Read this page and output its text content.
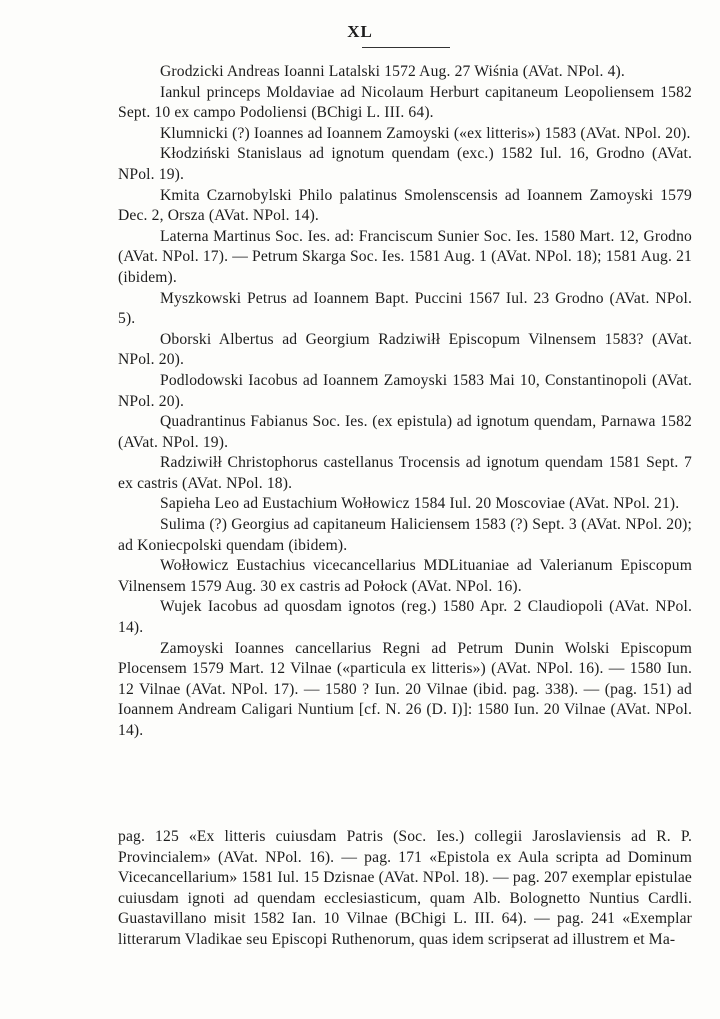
XL

Grodzicki Andreas Ioanni Latalski 1572 Aug. 27 Wiśnia (AVat. NPol. 4).

Iankul princeps Moldaviae ad Nicolaum Herburt capitaneum Leopoliensem 1582 Sept. 10 ex campo Podoliensi (BChigi L. III. 64).

Klumnicki (?) Ioannes ad Ioannem Zamoyski («ex litteris») 1583 (AVat. NPol. 20).

Kłodziński Stanislaus ad ignotum quendam (exc.) 1582 Iul. 16, Grodno (AVat. NPol. 19).

Kmita Czarnobylski Philo palatinus Smolenscensis ad Ioannem Zamoyski 1579 Dec. 2, Orsza (AVat. NPol. 14).

Laterna Martinus Soc. Ies. ad: Franciscum Sunier Soc. Ies. 1580 Mart. 12, Grodno (AVat. NPol. 17). — Petrum Skarga Soc. Ies. 1581 Aug. 1 (AVat. NPol. 18); 1581 Aug. 21 (ibidem).

Myszkowski Petrus ad Ioannem Bapt. Puccini 1567 Iul. 23 Grodno (AVat. NPol. 5).

Oborski Albertus ad Georgium Radziwiłł Episcopum Vilnensem 1583? (AVat. NPol. 20).

Podlodowski Iacobus ad Ioannem Zamoyski 1583 Mai 10, Constantinopoli (AVat. NPol. 20).

Quadrantinus Fabianus Soc. Ies. (ex epistula) ad ignotum quendam, Parnawa 1582 (AVat. NPol. 19).

Radziwiłł Christophorus castellanus Trocensis ad ignotum quendam 1581 Sept. 7 ex castris (AVat. NPol. 18).

Sapieha Leo ad Eustachium Wołłowicz 1584 Iul. 20 Moscoviae (AVat. NPol. 21).

Sulima (?) Georgius ad capitaneum Haliciensem 1583 (?) Sept. 3 (AVat. NPol. 20); ad Koniecpolski quendam (ibidem).

Wołłowicz Eustachius vicecancellarius MDLituaniae ad Valerianum Episcopum Vilnensem 1579 Aug. 30 ex castris ad Połock (AVat. NPol. 16).

Wujek Iacobus ad quosdam ignotos (reg.) 1580 Apr. 2 Claudiopoli (AVat. NPol. 14).

Zamoyski Ioannes cancellarius Regni ad Petrum Dunin Wolski Episcopum Plocensem 1579 Mart. 12 Vilnae («particula ex litteris») (AVat. NPol. 16). — 1580 Iun. 12 Vilnae (AVat. NPol. 17). — 1580 ? Iun. 20 Vilnae (ibid. pag. 338). — (pag. 151) ad Ioannem Andream Caligari Nuntium [cf. N. 26 (D. I)]: 1580 Iun. 20 Vilnae (AVat. NPol. 14).

pag. 125 «Ex litteris cuiusdam Patris (Soc. Ies.) collegii Jaroslaviensis ad R. P. Provincialem» (AVat. NPol. 16). — pag. 171 «Epistola ex Aula scripta ad Dominum Vicecancellarium» 1581 Iul. 15 Dzisnae (AVat. NPol. 18). — pag. 207 exemplar epistulae cuiusdam ignoti ad quendam ecclesiasticum, quam Alb. Bolognetto Nuntius Cardli. Guastavillano misit 1582 Ian. 10 Vilnae (BChigi L. III. 64). — pag. 241 «Exemplar litterarum Vladikae seu Episcopi Ruthenorum, quas idem scripserat ad illustrem et Ma-
